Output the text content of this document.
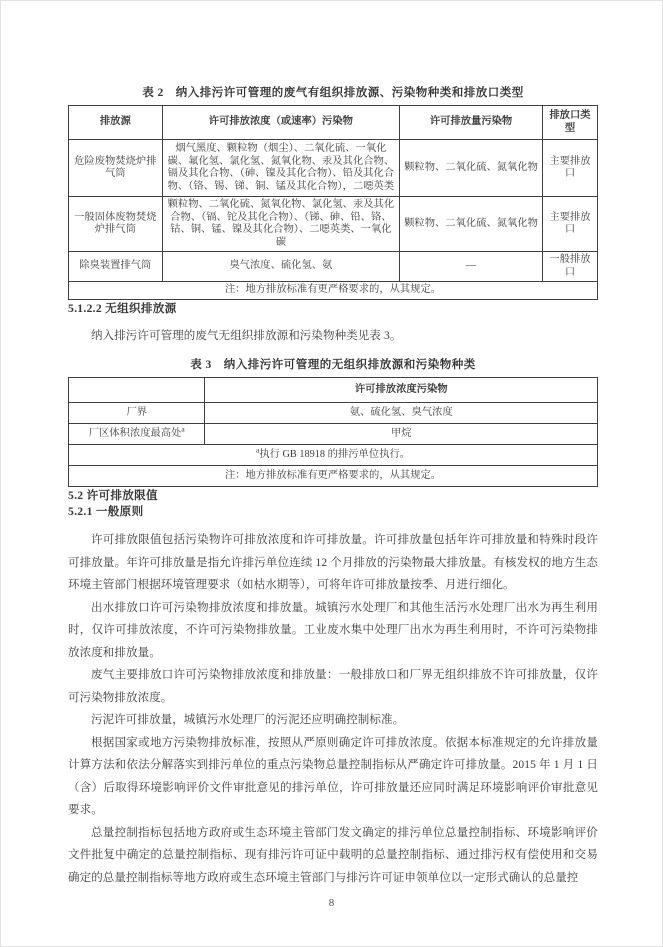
表 2　纳入排污许可管理的废气有组织排放源、污染物种类和排放口类型
排放源	许可排放浓度（或速率）污染物	许可排放量污染物	排放口类型
危险废物焚烧炉排气筒	烟气黑度、颗粒物（烟尘）、二氧化硫、一氧化碳、氟化氢、氯化氢、氮氧化物、汞及其化合物、镉及其化合物、（砷、镍及其化合物）、铅及其化合物、（铬、锡、锑、铜、锰及其化合物），二噁英类	颗粒物、二氧化硫、氮氧化物	主要排放口
一般固体废物焚烧炉排气筒	颗粒物、二氧化硫、氮氧化物、氯化氢、汞及其化合物、（镉、铊及其化合物）、（锑、砷、铅、铬、钴、铜、锰、镍及其化合物）、二噁英类、一氧化碳	颗粒物、二氧化硫、氮氧化物	主要排放口
除臭装置排气筒	臭气浓度、硫化氢、氨	—	一般排放口
注：地方排放标准有更严格要求的，从其规定。			
5.1.2.2 无组织排放源

纳入排污许可管理的废气无组织排放源和污染物种类见表 3。

表 3　纳入排污许可管理的无组织排放源和污染物种类
	许可排放浓度污染物
厂界	氨、硫化氢、臭气浓度
厂区体积浓度最高处$^a$	甲烷
$^a$执行 GB 18918 的排污单位执行。	
注：地方排放标准有更严格要求的，从其规定。	
5.2 许可排放限值
5.2.1 一般原则

许可排放限值包括污染物许可排放浓度和许可排放量。许可排放量包括年许可排放量和特殊时段许可排放量。年许可排放量是指允许排污单位连续 12 个月排放的污染物最大排放量。有核发权的地方生态环境主管部门根据环境管理要求（如枯水期等），可将年许可排放量按季、月进行细化。

出水排放口许可污染物排放浓度和排放量。城镇污水处理厂和其他生活污水处理厂出水为再生利用时，仅许可排放浓度，不许可污染物排放量。工业废水集中处理厂出水为再生利用时，不许可污染物排放浓度和排放量。

废气主要排放口许可污染物排放浓度和排放量：一般排放口和厂界无组织排放不许可排放量，仅许可污染物排放浓度。

污泥许可排放量，城镇污水处理厂的污泥还应明确控制标准。

根据国家或地方污染物排放标准，按照从严原则确定许可排放浓度。依据本标准规定的允许排放量计算方法和依法分解落实到排污单位的重点污染物总量控制指标从严确定许可排放量。2015 年 1 月 1 日（含）后取得环境影响评价文件审批意见的排污单位，许可排放量还应同时满足环境影响评价审批意见要求。

总量控制指标包括地方政府或生态环境主管部门发文确定的排污单位总量控制指标、环境影响评价文件批复中确定的总量控制指标、现有排污许可证中载明的总量控制指标、通过排污权有偿使用和交易确定的总量控制指标等地方政府或生态环境主管部门与排污许可证申领单位以一定形式确认的总量控

8
